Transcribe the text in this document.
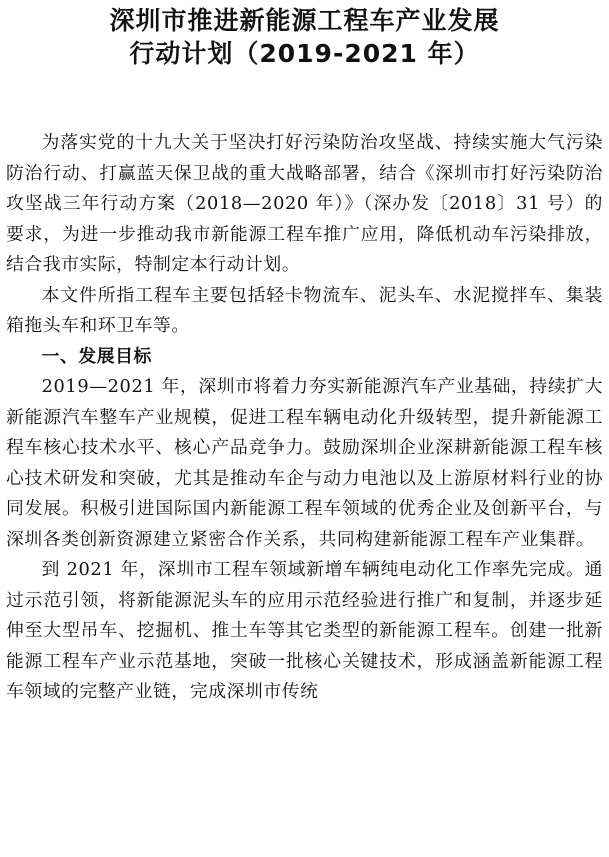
深圳市推进新能源工程车产业发展
行动计划（2019-2021 年）

为落实党的十九大关于坚决打好污染防治攻坚战、持续实施大气污染防治行动、打赢蓝天保卫战的重大战略部署，结合《深圳市打好污染防治攻坚战三年行动方案（2018—2020 年）》（深办发〔2018〕31 号）的要求，为进一步推动我市新能源工程车推广应用，降低机动车污染排放，结合我市实际，特制定本行动计划。

本文件所指工程车主要包括轻卡物流车、泥头车、水泥搅拌车、集装箱拖头车和环卫车等。

一、发展目标

2019—2021 年，深圳市将着力夯实新能源汽车产业基础，持续扩大新能源汽车整车产业规模，促进工程车辆电动化升级转型，提升新能源工程车核心技术水平、核心产品竞争力。鼓励深圳企业深耕新能源工程车核心技术研发和突破，尤其是推动车企与动力电池以及上游原材料行业的协同发展。积极引进国际国内新能源工程车领域的优秀企业及创新平台，与深圳各类创新资源建立紧密合作关系，共同构建新能源工程车产业集群。

到 2021 年，深圳市工程车领域新增车辆纯电动化工作率先完成。通过示范引领，将新能源泥头车的应用示范经验进行推广和复制，并逐步延伸至大型吊车、挖掘机、推土车等其它类型的新能源工程车。创建一批新能源工程车产业示范基地，突破一批核心关键技术，形成涵盖新能源工程车领域的完整产业链，完成深圳市传统
